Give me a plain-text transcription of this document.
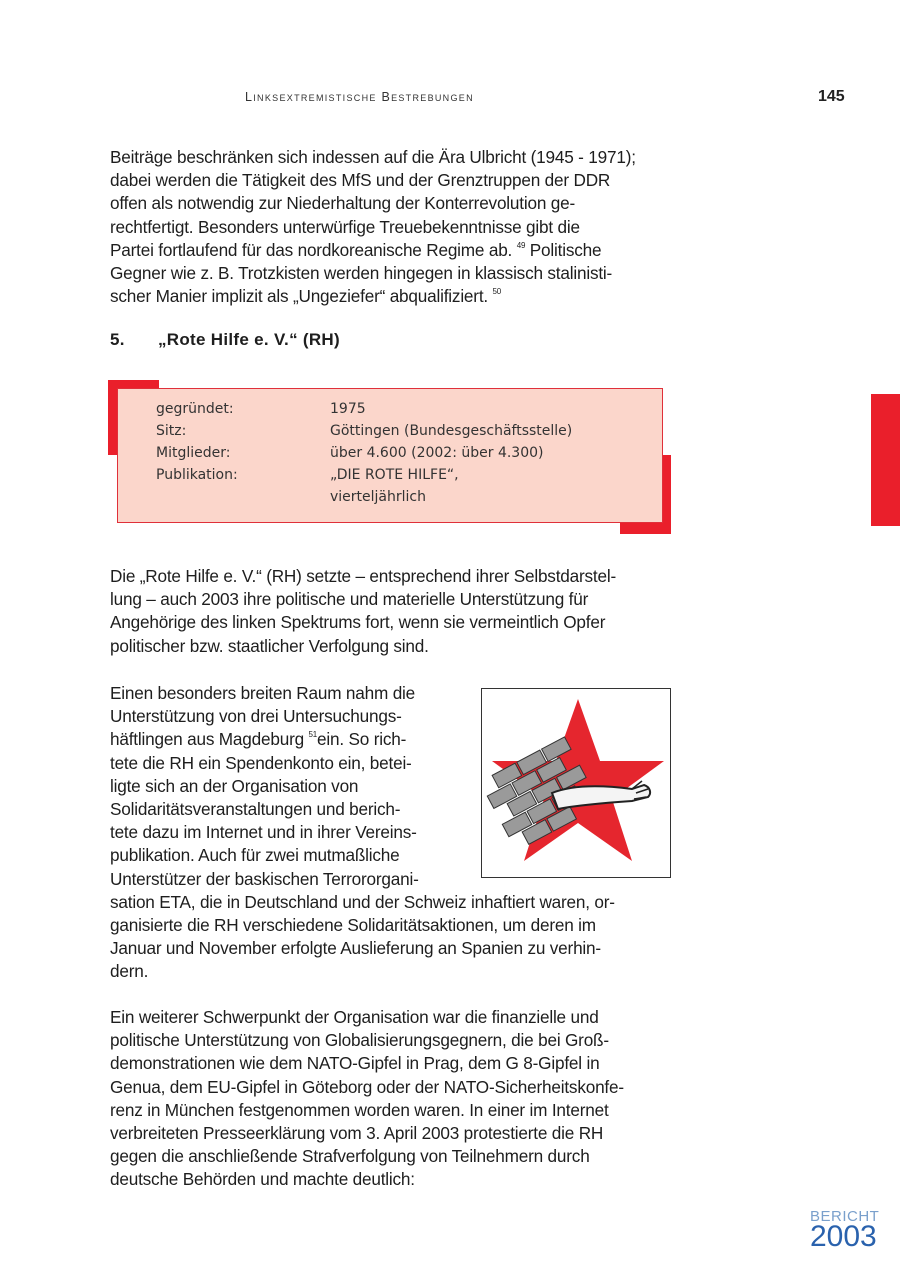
Linksextremistische Bestrebungen	145
Beiträge beschränken sich indessen auf die Ära Ulbricht (1945 - 1971);
dabei werden die Tätigkeit des MfS und der Grenztruppen der DDR
offen als notwendig zur Niederhaltung der Konterrevolution ge-
rechtfertigt. Besonders unterwürfige Treuebekenntnisse gibt die
Partei fortlaufend für das nordkoreanische Regime ab. $^{49}$ Politische
Gegner wie z. B. Trotzkisten werden hingegen in klassisch stalinisti-
scher Manier implizit als „Ungeziefer“ abqualifiziert. $^{50}$
5. „Rote Hilfe e. V.“ (RH)
gegründet:	1975
Sitz:	Göttingen (Bundesgeschäftsstelle)
Mitglieder:	über 4.600 (2002: über 4.300)
Publikation:	„DIE ROTE HILFE“,
vierteljährlich
Die „Rote Hilfe e. V.“ (RH) setzte – entsprechend ihrer Selbstdarstel-
lung – auch 2003 ihre politische und materielle Unterstützung für
Angehörige des linken Spektrums fort, wenn sie vermeintlich Opfer
politischer bzw. staatlicher Verfolgung sind.
Einen besonders breiten Raum nahm die
Unterstützung von drei Untersuchungs-
häftlingen aus Magdeburg $^{51}$ein. So rich-
tete die RH ein Spendenkonto ein, betei-
ligte sich an der Organisation von
Solidaritätsveranstaltungen und berich-
tete dazu im Internet und in ihrer Vereins-
publikation. Auch für zwei mutmaßliche
Unterstützer der baskischen Terrororgani-
sation ETA, die in Deutschland und der Schweiz inhaftiert waren, or-
ganisierte die RH verschiedene Solidaritätsaktionen, um deren im
Januar und November erfolgte Auslieferung an Spanien zu verhin-
dern.
Ein weiterer Schwerpunkt der Organisation war die finanzielle und
politische Unterstützung von Globalisierungsgegnern, die bei Groß-
demonstrationen wie dem NATO-Gipfel in Prag, dem G 8-Gipfel in
Genua, dem EU-Gipfel in Göteborg oder der NATO-Sicherheitskonfe-
renz in München festgenommen worden waren. In einer im Internet
verbreiteten Presseerklärung vom 3. April 2003 protestierte die RH
gegen die anschließende Strafverfolgung von Teilnehmern durch
deutsche Behörden und machte deutlich:
BERICHT
2003
